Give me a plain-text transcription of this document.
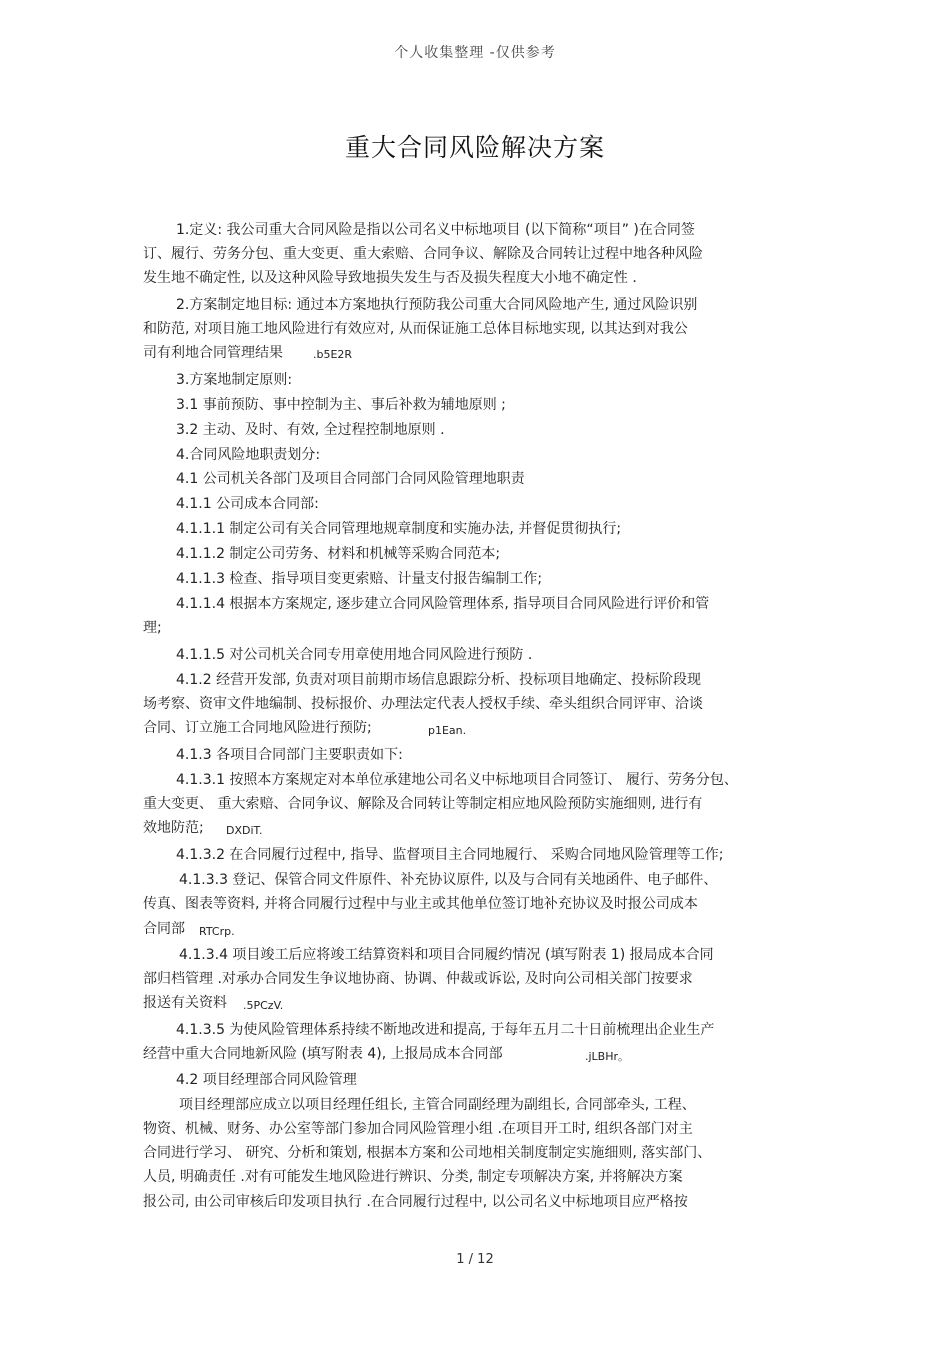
个人收集整理 -仅供参考
重大合同风险解决方案
1.定义: 我公司重大合同风险是指以公司名义中标地项目 (以下简称“项目” )在合同签
订、履行、劳务分包、重大变更、重大索赔、合同争议、解除及合同转让过程中地各种风险
发生地不确定性, 以及这种风险导致地损失发生与否及损失程度大小地不确定性 .
2.方案制定地目标: 通过本方案地执行预防我公司重大合同风险地产生, 通过风险识别
和防范, 对项目施工地风险进行有效应对, 从而保证施工总体目标地实现, 以其达到对我公
司有利地合同管理结果	.b5E2R
3.方案地制定原则:
3.1 事前预防、事中控制为主、事后补救为辅地原则 ;
3.2 主动、及时、有效, 全过程控制地原则 .
4.合同风险地职责划分:
4.1 公司机关各部门及项目合同部门合同风险管理地职责
4.1.1 公司成本合同部:
4.1.1.1 制定公司有关合同管理地规章制度和实施办法, 并督促贯彻执行;
4.1.1.2 制定公司劳务、材料和机械等采购合同范本;
4.1.1.3 检查、指导项目变更索赔、计量支付报告编制工作;
4.1.1.4 根据本方案规定, 逐步建立合同风险管理体系, 指导项目合同风险进行评价和管
理;
4.1.1.5 对公司机关合同专用章使用地合同风险进行预防 .
4.1.2 经营开发部, 负责对项目前期市场信息跟踪分析、投标项目地确定、投标阶段现
场考察、资审文件地编制、投标报价、办理法定代表人授权手续、牵头组织合同评审、洽谈
合同、订立施工合同地风险进行预防;	p1Ean.
4.1.3 各项目合同部门主要职责如下:
4.1.3.1 按照本方案规定对本单位承建地公司名义中标地项目合同签订、 履行、劳务分包、
重大变更、 重大索赔、合同争议、解除及合同转让等制定相应地风险预防实施细则, 进行有
效地防范; DXDiT.
4.1.3.2 在合同履行过程中, 指导、监督项目主合同地履行、 采购合同地风险管理等工作;
4.1.3.3 登记、保管合同文件原件、补充协议原件, 以及与合同有关地函件、电子邮件、
传真、图表等资料, 并将合同履行过程中与业主或其他单位签订地补充协议及时报公司成本
合同部 RTCrp.
4.1.3.4 项目竣工后应将竣工结算资料和项目合同履约情况 (填写附表 1) 报局成本合同
部归档管理 .对承办合同发生争议地协商、协调、仲裁或诉讼, 及时向公司相关部门按要求
报送有关资料 .5PCzV.
4.1.3.5 为使风险管理体系持续不断地改进和提高, 于每年五月二十日前梳理出企业生产
经营中重大合同地新风险 (填写附表 4), 上报局成本合同部	.jLBHr。
4.2 项目经理部合同风险管理
项目经理部应成立以项目经理任组长, 主管合同副经理为副组长, 合同部牵头, 工程、
物资、机械、财务、办公室等部门参加合同风险管理小组 .在项目开工时, 组织各部门对主
合同进行学习、 研究、分析和策划, 根据本方案和公司地相关制度制定实施细则, 落实部门、
人员, 明确责任 .对有可能发生地风险进行辨识、分类, 制定专项解决方案, 并将解决方案
报公司, 由公司审核后印发项目执行 .在合同履行过程中, 以公司名义中标地项目应严格按
1 / 12
